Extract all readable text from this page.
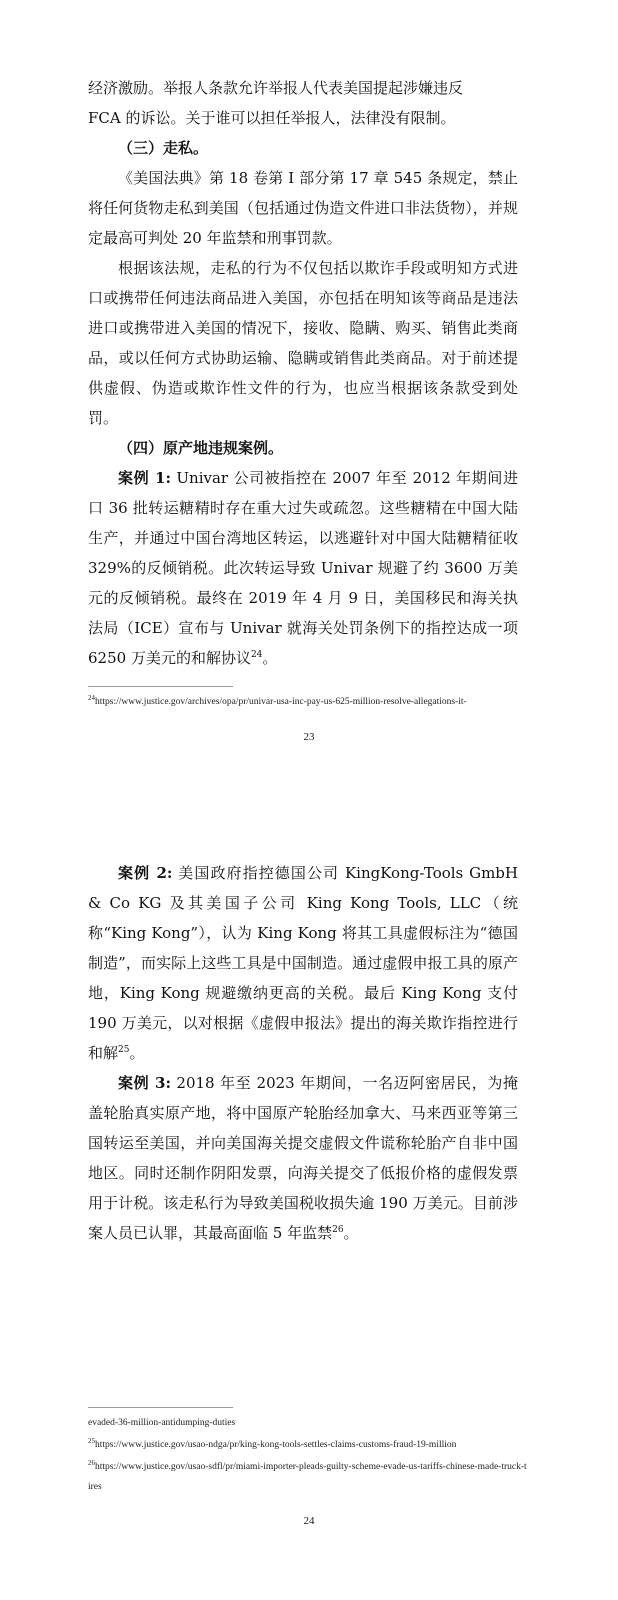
经济激励。举报人条款允许举报人代表美国提起涉嫌违反

FCA 的诉讼。关于谁可以担任举报人，法律没有限制。

（三）走私。

《美国法典》第 18 卷第 I 部分第 17 章 545 条规定，禁止将任何货物走私到美国（包括通过伪造文件进口非法货物），并规定最高可判处 20 年监禁和刑事罚款。

根据该法规，走私的行为不仅包括以欺诈手段或明知方式进口或携带任何违法商品进入美国，亦包括在明知该等商品是违法进口或携带进入美国的情况下，接收、隐瞒、购买、销售此类商品，或以任何方式协助运输、隐瞒或销售此类商品。对于前述提供虚假、伪造或欺诈性文件的行为，也应当根据该条款受到处罚。

（四）原产地违规案例。

案例 1: Univar 公司被指控在 2007 年至 2012 年期间进口 36 批转运糖精时存在重大过失或疏忽。这些糖精在中国大陆生产，并通过中国台湾地区转运，以逃避针对中国大陆糖精征收 329%的反倾销税。此次转运导致 Univar 规避了约 3600 万美元的反倾销税。最终在 2019 年 4 月 9 日，美国移民和海关执法局（ICE）宣布与 Univar 就海关处罚条例下的指控达成一项 6250 万美元的和解协议$^{24}$。

$^{24}$https://www.justice.gov/archives/opa/pr/univar-usa-inc-pay-us-625-million-resolve-allegations-it-
23

案例 2: 美国政府指控德国公司 KingKong-Tools GmbH & Co KG 及其美国子公司 King Kong Tools, LLC（统称“King Kong”），认为 King Kong 将其工具虚假标注为“德国制造”，而实际上这些工具是中国制造。通过虚假申报工具的原产地，King Kong 规避缴纳更高的关税。最后 King Kong 支付 190 万美元，以对根据《虚假申报法》提出的海关欺诈指控进行和解$^{25}$。

案例 3: 2018 年至 2023 年期间，一名迈阿密居民，为掩盖轮胎真实原产地，将中国原产轮胎经加拿大、马来西亚等第三国转运至美国，并向美国海关提交虚假文件谎称轮胎产自非中国地区。同时还制作阴阳发票，向海关提交了低报价格的虚假发票用于计税。该走私行为导致美国税收损失逾 190 万美元。目前涉案人员已认罪，其最高面临 5 年监禁$^{26}$。

evaded-36-million-antidumping-duties
$^{25}$https://www.justice.gov/usao-ndga/pr/king-kong-tools-settles-claims-customs-fraud-19-million
$^{26}$https://www.justice.gov/usao-sdfl/pr/miami-importer-pleads-guilty-scheme-evade-us-tariffs-chinese-made-truck-tires
24
